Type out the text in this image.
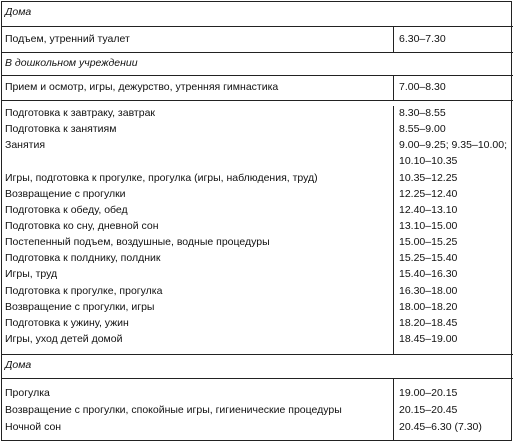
Дома
Подъем, утренний туалет	6.30–7.30
В дошкольном учреждении
Прием и осмотр, игры, дежурство, утренняя гимнастика	7.00–8.30
Подготовка к завтраку, завтрак	8.30–8.55
Подготовка к занятиям	8.55–9.00
Занятия	9.00–9.25; 9.35–10.00;
10.10–10.35
Игры, подготовка к прогулке, прогулка (игры, наблюдения, труд)	10.35–12.25
Возвращение с прогулки	12.25–12.40
Подготовка к обеду, обед	12.40–13.10
Подготовка ко сну, дневной сон	13.10–15.00
Постепенный подъем, воздушные, водные процедуры	15.00–15.25
Подготовка к полднику, полдник	15.25–15.40
Игры, труд	15.40–16.30
Подготовка к прогулке, прогулка	16.30–18.00
Возвращение с прогулки, игры	18.00–18.20
Подготовка к ужину, ужин	18.20–18.45
Игры, уход детей домой	18.45–19.00
Дома
Прогулка	19.00–20.15
Возвращение с прогулки, спокойные игры, гигиенические процедуры	20.15–20.45
Ночной сон	20.45–6.30 (7.30)
